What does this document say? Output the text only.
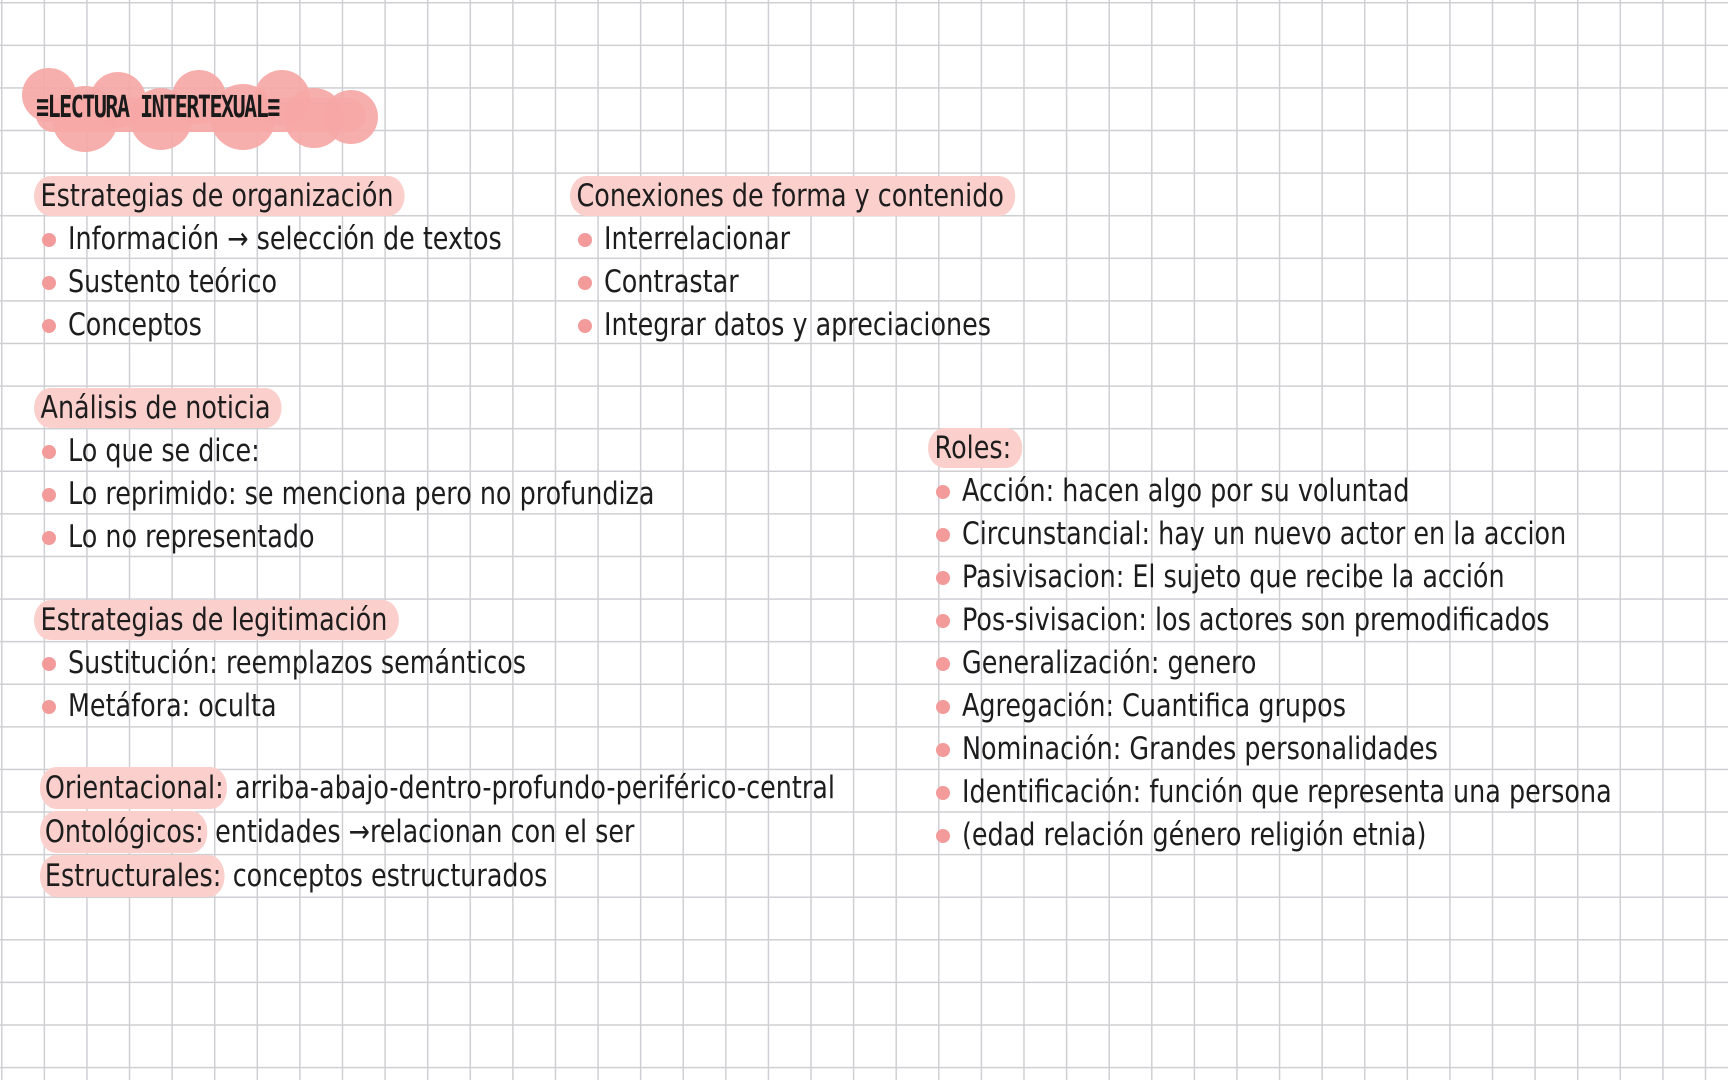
≡LECTURA INTERTEXUAL≡
Estrategias de organización
Información → selección de textos
Sustento teórico
Conceptos
Conexiones de forma y contenido
Interrelacionar
Contrastar
Integrar datos y apreciaciones
Análisis de noticia
Lo que se dice:
Lo reprimido: se menciona pero no profundiza
Lo no representado
Estrategias de legitimación
Sustitución: reemplazos semánticos
Metáfora: oculta
Orientacional: arriba-abajo-dentro-profundo-periférico-central
Ontológicos: entidades →relacionan con el ser
Estructurales: conceptos estructurados
Roles:
Acción: hacen algo por su voluntad
Circunstancial: hay un nuevo actor en la accion
Pasivisacion: El sujeto que recibe la acción
Pos-sivisacion: los actores son premodificados
Generalización: genero
Agregación: Cuantifica grupos
Nominación: Grandes personalidades
Identificación: función que representa una persona
(edad relación género religión etnia)
